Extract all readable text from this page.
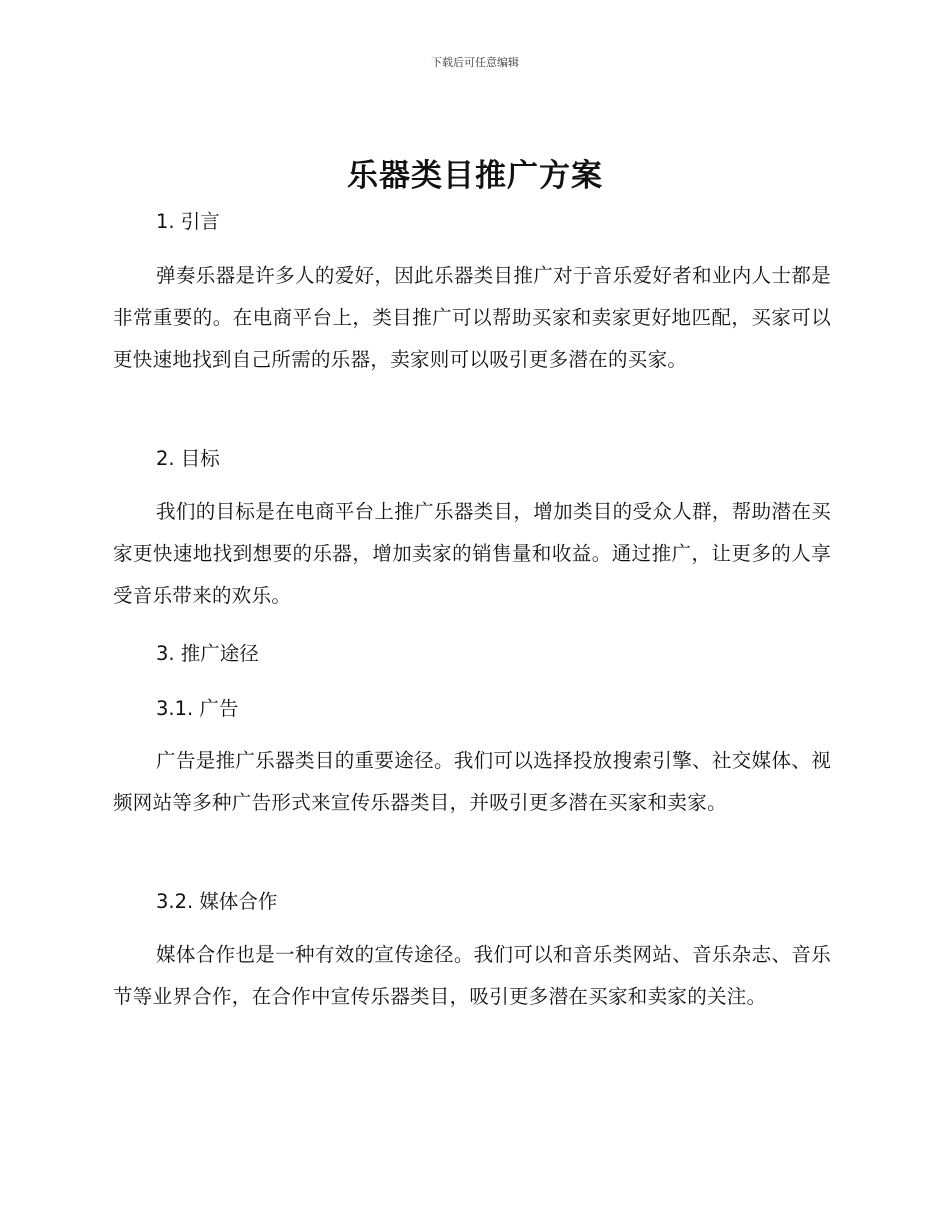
下载后可任意编辑
乐器类目推广方案
1. 引言
弹奏乐器是许多人的爱好，因此乐器类目推广对于音乐爱好者和业内人士都是非常重要的。在电商平台上，类目推广可以帮助买家和卖家更好地匹配，买家可以更快速地找到自己所需的乐器，卖家则可以吸引更多潜在的买家。
2. 目标
我们的目标是在电商平台上推广乐器类目，增加类目的受众人群，帮助潜在买家更快速地找到想要的乐器，增加卖家的销售量和收益。通过推广，让更多的人享受音乐带来的欢乐。
3. 推广途径
3.1. 广告
广告是推广乐器类目的重要途径。我们可以选择投放搜索引擎、社交媒体、视频网站等多种广告形式来宣传乐器类目，并吸引更多潜在买家和卖家。
3.2. 媒体合作
媒体合作也是一种有效的宣传途径。我们可以和音乐类网站、音乐杂志、音乐节等业界合作，在合作中宣传乐器类目，吸引更多潜在买家和卖家的关注。
